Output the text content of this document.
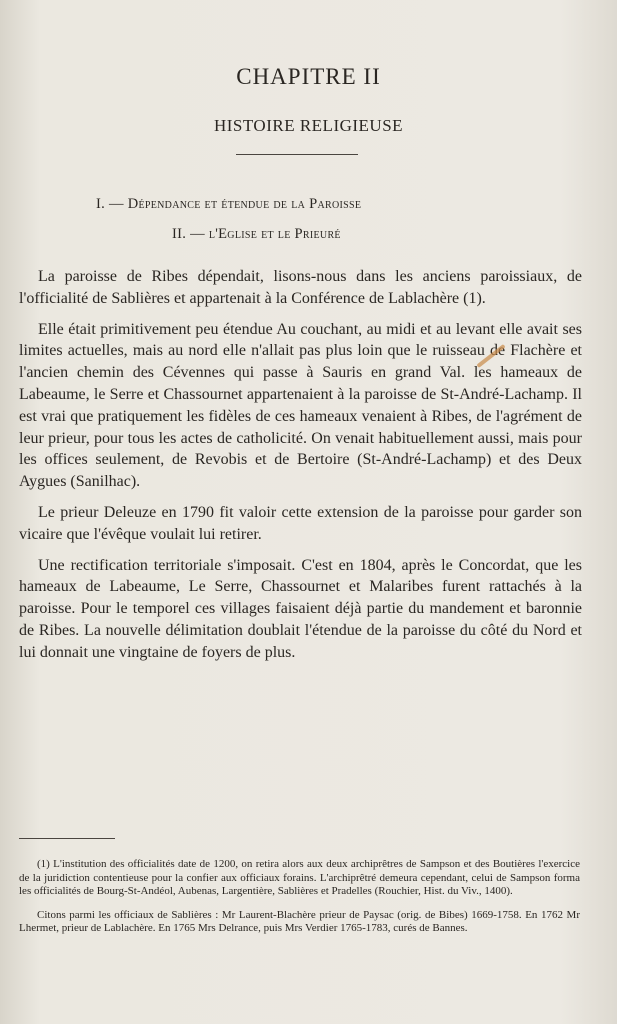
CHAPITRE II
HISTOIRE RELIGIEUSE
I. — Dépendance et étendue de la Paroisse
II. — l'Eglise et le Prieuré

La paroisse de Ribes dépendait, lisons-nous dans les anciens paroissiaux, de l'officialité de Sablières et appartenait à la Conférence de Lablachère (1).

Elle était primitivement peu étendue Au couchant, au midi et au levant elle avait ses limites actuelles, mais au nord elle n'allait pas plus loin que le ruisseau de Flachère et l'ancien chemin des Cévennes qui passe à Sauris en grand Val. les hameaux de Labeaume, le Serre et Chassournet appartenaient à la paroisse de St-André-Lachamp. Il est vrai que pratiquement les fidèles de ces hameaux venaient à Ribes, de l'agrément de leur prieur, pour tous les actes de catholicité. On venait habituellement aussi, mais pour les offices seulement, de Revobis et de Bertoire (St-André-Lachamp) et des Deux Aygues (Sanilhac).

Le prieur Deleuze en 1790 fit valoir cette extension de la paroisse pour garder son vicaire que l'évêque voulait lui retirer.

Une rectification territoriale s'imposait. C'est en 1804, après le Concordat, que les hameaux de Labeaume, Le Serre, Chassournet et Malaribes furent rattachés à la paroisse. Pour le temporel ces villages faisaient déjà partie du mandement et baronnie de Ribes. La nouvelle délimitation doublait l'étendue de la paroisse du côté du Nord et lui donnait une vingtaine de foyers de plus.

(1) L'institution des officialités date de 1200, on retira alors aux deux archiprêtres de Sampson et des Boutières l'exercice de la juridiction contentieuse pour la confier aux officiaux forains. L'archiprêtré demeura cependant, celui de Sampson forma les officialités de Bourg-St-Andéol, Aubenas, Largentière, Sablières et Pradelles (Rouchier, Hist. du Viv., 1400).

Citons parmi les officiaux de Sablières : Mr Laurent-Blachère prieur de Paysac (orig. de Bibes) 1669-1758. En 1762 Mr Lhermet, prieur de Lablachère. En 1765 Mrs Delrance, puis Mrs Verdier 1765-1783, curés de Bannes.
